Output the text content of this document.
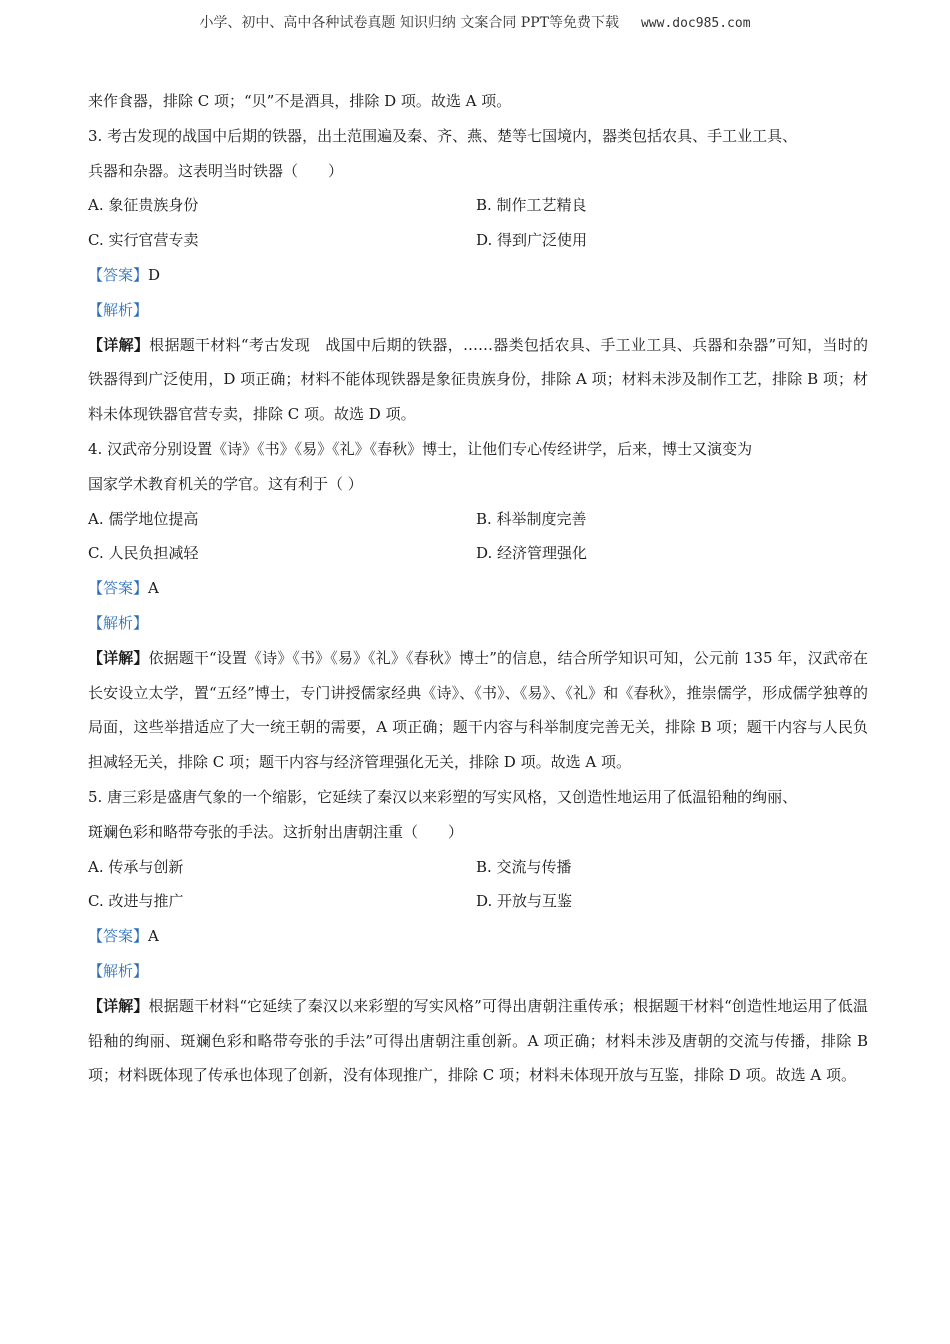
小学、初中、高中各种试卷真题 知识归纳 文案合同 PPT等免费下载 www.doc985.com

来作食器，排除 C 项；“贝”不是酒具，排除 D 项。故选 A 项。

3. 考古发现的战国中后期的铁器，出土范围遍及秦、齐、燕、楚等七国境内，器类包括农具、手工业工具、

兵器和杂器。这表明当时铁器（　　）

A. 象征贵族身份	B. 制作工艺精良
C. 实行官营专卖	D. 得到广泛使用

【答案】D

【解析】

【详解】根据题干材料“考古发现　战国中后期的铁器，……器类包括农具、手工业工具、兵器和杂器”可知，当时的铁器得到广泛使用，D 项正确；材料不能体现铁器是象征贵族身份，排除 A 项；材料未涉及制作工艺，排除 B 项；材料未体现铁器官营专卖，排除 C 项。故选 D 项。

4. 汉武帝分别设置《诗》《书》《易》《礼》《春秋》博士，让他们专心传经讲学，后来，博士又演变为

国家学术教育机关的学官。这有利于（ ）

A. 儒学地位提高	B. 科举制度完善
C. 人民负担减轻	D. 经济管理强化

【答案】A

【解析】

【详解】依据题干“设置《诗》《书》《易》《礼》《春秋》博士”的信息，结合所学知识可知，公元前 135 年，汉武帝在长安设立太学，置“五经”博士，专门讲授儒家经典《诗》、《书》、《易》、《礼》和《春秋》，推崇儒学，形成儒学独尊的局面，这些举措适应了大一统王朝的需要，A 项正确；题干内容与科举制度完善无关，排除 B 项；题干内容与人民负担减轻无关，排除 C 项；题干内容与经济管理强化无关，排除 D 项。故选 A 项。

5. 唐三彩是盛唐气象的一个缩影，它延续了秦汉以来彩塑的写实风格，又创造性地运用了低温铅釉的绚丽、

斑斓色彩和略带夸张的手法。这折射出唐朝注重（　　）

A. 传承与创新	B. 交流与传播
C. 改进与推广	D. 开放与互鉴

【答案】A

【解析】

【详解】根据题干材料“它延续了秦汉以来彩塑的写实风格”可得出唐朝注重传承；根据题干材料“创造性地运用了低温铅釉的绚丽、斑斓色彩和略带夸张的手法”可得出唐朝注重创新。A 项正确；材料未涉及唐朝的交流与传播，排除 B 项；材料既体现了传承也体现了创新，没有体现推广，排除 C 项；材料未体现开放与互鉴，排除 D 项。故选 A 项。
